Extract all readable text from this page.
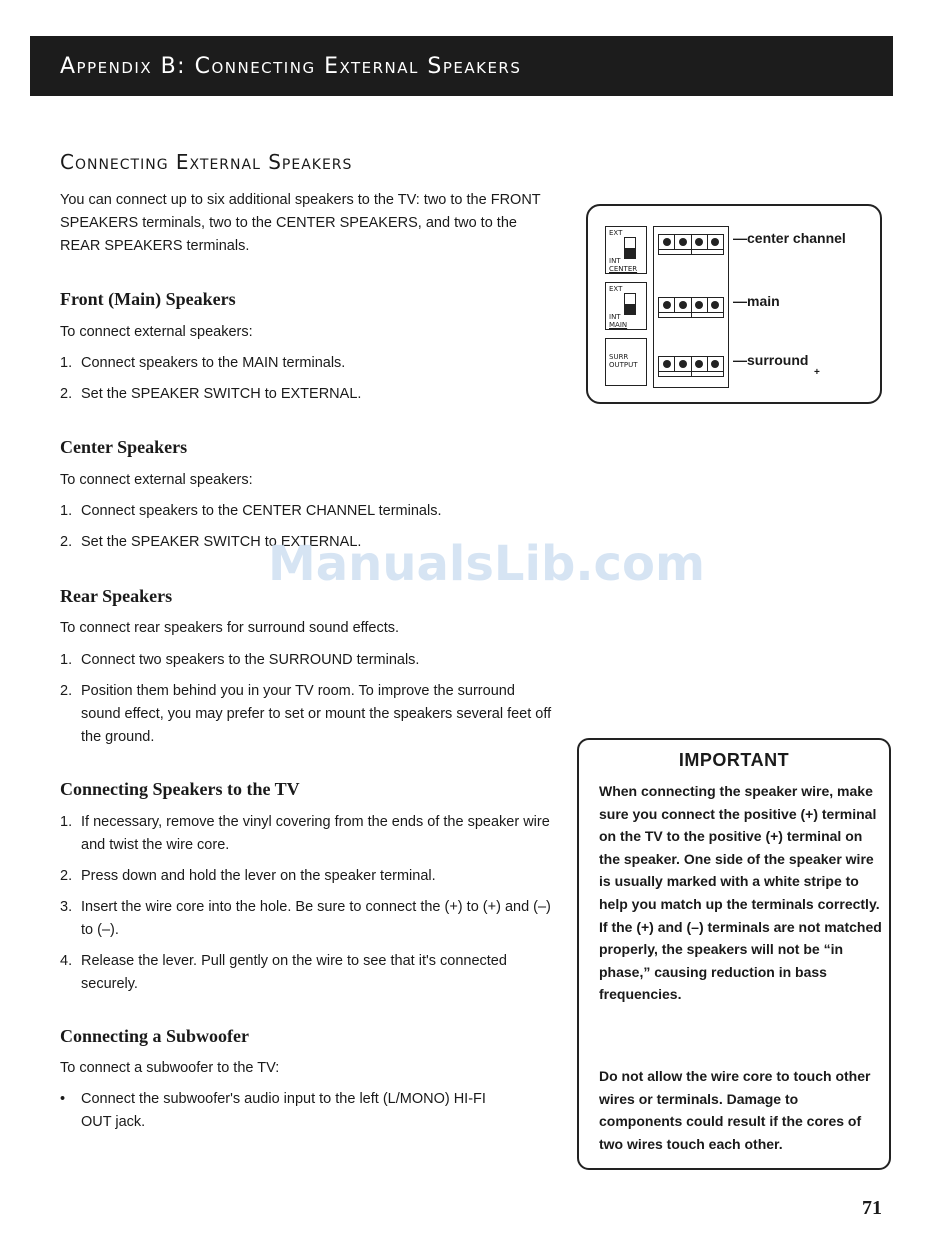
Appendix B: Connecting External Speakers
Connecting External Speakers

You can connect up to six additional speakers to the TV: two to the FRONT SPEAKERS terminals, two to the CENTER SPEAKERS, and two to the REAR SPEAKERS terminals.

Front (Main) Speakers

To connect external speakers:

1. Connect speakers to the MAIN terminals.
2. Set the SPEAKER SWITCH to EXTERNAL.
Center Speakers

To connect external speakers:

1. Connect speakers to the CENTER CHANNEL terminals.
2. Set the SPEAKER SWITCH to EXTERNAL.
Rear Speakers

To connect rear speakers for surround sound effects.

1. Connect two speakers to the SURROUND terminals.
2. Position them behind you in your TV room. To improve the surround sound effect, you may prefer to set or mount the speakers several feet off the ground.
Connecting Speakers to the TV
1. If necessary, remove the vinyl covering from the ends of the speaker wire and twist the wire core.
2. Press down and hold the lever on the speaker terminal.
3. Insert the wire core into the hole. Be sure to connect the (+) to (+) and (–) to (–).
4. Release the lever. Pull gently on the wire to see that it's connected securely.
Connecting a Subwoofer

To connect a subwoofer to the TV:

• Connect the subwoofer's audio input to the left (L/MONO) HI-FI OUT jack.
EXT
INT
CENTER
EXT
INT
MAIN
SURR
OUTPUT
—center channel
—main
—surround
+
ManualsLib.com
IMPORTANT

When connecting the speaker wire, make sure you connect the positive (+) terminal on the TV to the positive (+) terminal on the speaker. One side of the speaker wire is usually marked with a white stripe to help you match up the terminals correctly. If the (+) and (–) terminals are not matched properly, the speakers will not be “in phase,” causing reduction in bass frequencies.

Do not allow the wire core to touch other wires or terminals. Damage to components could result if the cores of two wires touch each other.

71
